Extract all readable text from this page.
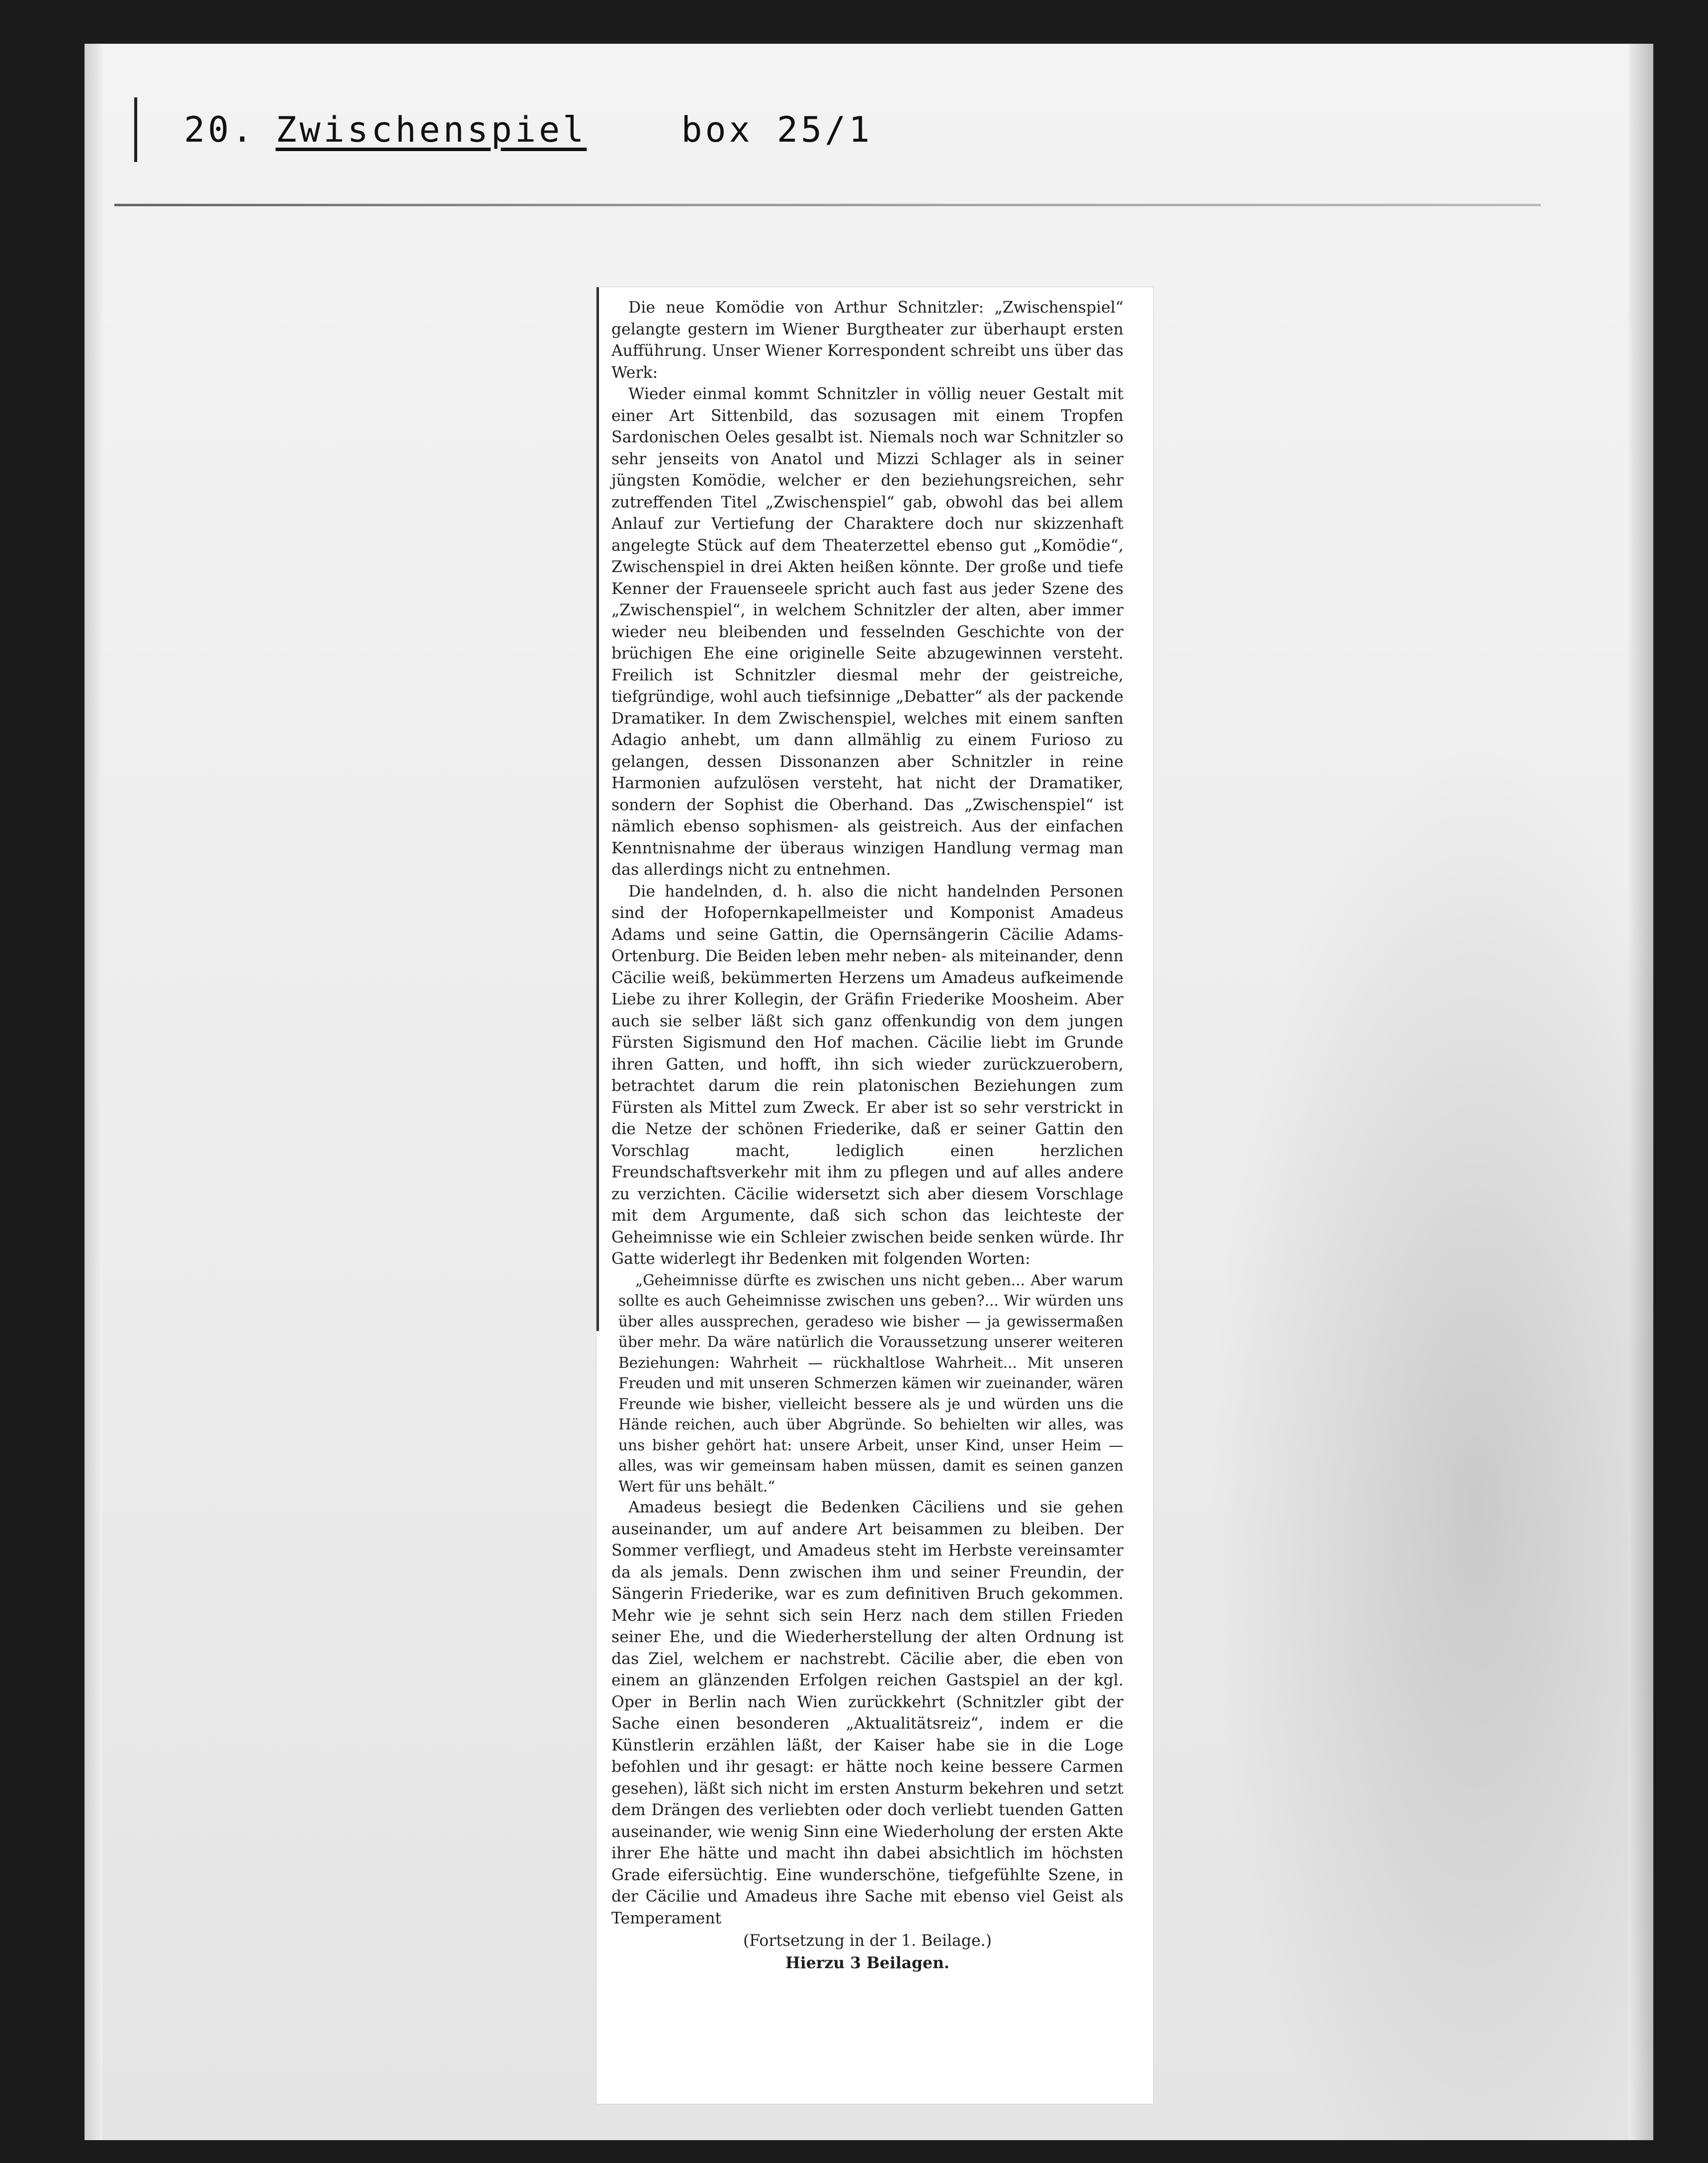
20. Zwischenspiel	box 25/1

Die neue Komödie von Arthur Schnitzler: „Zwischenspiel“ gelangte gestern im Wiener Burgtheater zur überhaupt ersten Aufführung. Unser Wiener Korrespondent schreibt uns über das Werk:

Wieder einmal kommt Schnitzler in völlig neuer Gestalt mit einer Art Sittenbild, das sozusagen mit einem Tropfen Sardonischen Oeles gesalbt ist. Niemals noch war Schnitzler so sehr jenseits von Anatol und Mizzi Schlager als in seiner jüngsten Komödie, welcher er den beziehungsreichen, sehr zutreffenden Titel „Zwischenspiel“ gab, obwohl das bei allem Anlauf zur Vertiefung der Charaktere doch nur skizzenhaft angelegte Stück auf dem Theaterzettel ebenso gut „Komödie“, Zwischenspiel in drei Akten heißen könnte. Der große und tiefe Kenner der Frauenseele spricht auch fast aus jeder Szene des „Zwischenspiel“, in welchem Schnitzler der alten, aber immer wieder neu bleibenden und fesselnden Geschichte von der brüchigen Ehe eine originelle Seite abzugewinnen versteht. Freilich ist Schnitzler diesmal mehr der geistreiche, tiefgründige, wohl auch tiefsinnige „Debatter“ als der packende Dramatiker. In dem Zwischenspiel, welches mit einem sanften Adagio anhebt, um dann allmählig zu einem Furioso zu gelangen, dessen Dissonanzen aber Schnitzler in reine Harmonien aufzulösen versteht, hat nicht der Dramatiker, sondern der Sophist die Oberhand. Das „Zwischenspiel“ ist nämlich ebenso sophismen- als geistreich. Aus der einfachen Kenntnisnahme der überaus winzigen Handlung vermag man das allerdings nicht zu entnehmen.

Die handelnden, d. h. also die nicht handelnden Personen sind der Hofopernkapellmeister und Komponist Amadeus Adams und seine Gattin, die Opernsängerin Cäcilie Adams-Ortenburg. Die Beiden leben mehr neben- als miteinander, denn Cäcilie weiß, bekümmerten Herzens um Amadeus aufkeimende Liebe zu ihrer Kollegin, der Gräfin Friederike Moosheim. Aber auch sie selber läßt sich ganz offenkundig von dem jungen Fürsten Sigismund den Hof machen. Cäcilie liebt im Grunde ihren Gatten, und hofft, ihn sich wieder zurückzuerobern, betrachtet darum die rein platonischen Beziehungen zum Fürsten als Mittel zum Zweck. Er aber ist so sehr verstrickt in die Netze der schönen Friederike, daß er seiner Gattin den Vorschlag macht, lediglich einen herzlichen Freundschaftsverkehr mit ihm zu pflegen und auf alles andere zu verzichten. Cäcilie widersetzt sich aber diesem Vorschlage mit dem Argumente, daß sich schon das leichteste der Geheimnisse wie ein Schleier zwischen beide senken würde. Ihr Gatte widerlegt ihr Bedenken mit folgenden Worten:

„Geheimnisse dürfte es zwischen uns nicht geben... Aber warum sollte es auch Geheimnisse zwischen uns geben?... Wir würden uns über alles aussprechen, geradeso wie bisher — ja gewissermaßen über mehr. Da wäre natürlich die Voraussetzung unserer weiteren Beziehungen: Wahrheit — rückhaltlose Wahrheit... Mit unseren Freuden und mit unseren Schmerzen kämen wir zueinander, wären Freunde wie bisher, vielleicht bessere als je und würden uns die Hände reichen, auch über Abgründe. So behielten wir alles, was uns bisher gehört hat: unsere Arbeit, unser Kind, unser Heim — alles, was wir gemeinsam haben müssen, damit es seinen ganzen Wert für uns behält.“

Amadeus besiegt die Bedenken Cäciliens und sie gehen auseinander, um auf andere Art beisammen zu bleiben. Der Sommer verfliegt, und Amadeus steht im Herbste vereinsamter da als jemals. Denn zwischen ihm und seiner Freundin, der Sängerin Friederike, war es zum definitiven Bruch gekommen. Mehr wie je sehnt sich sein Herz nach dem stillen Frieden seiner Ehe, und die Wiederherstellung der alten Ordnung ist das Ziel, welchem er nachstrebt. Cäcilie aber, die eben von einem an glänzenden Erfolgen reichen Gastspiel an der kgl. Oper in Berlin nach Wien zurückkehrt (Schnitzler gibt der Sache einen besonderen „Aktualitätsreiz“, indem er die Künstlerin erzählen läßt, der Kaiser habe sie in die Loge befohlen und ihr gesagt: er hätte noch keine bessere Carmen gesehen), läßt sich nicht im ersten Ansturm bekehren und setzt dem Drängen des verliebten oder doch verliebt tuenden Gatten auseinander, wie wenig Sinn eine Wiederholung der ersten Akte ihrer Ehe hätte und macht ihn dabei absichtlich im höchsten Grade eifersüchtig. Eine wunderschöne, tiefgefühlte Szene, in der Cäcilie und Amadeus ihre Sache mit ebenso viel Geist als Temperament

(Fortsetzung in der 1. Beilage.)

Hierzu 3 Beilagen.
